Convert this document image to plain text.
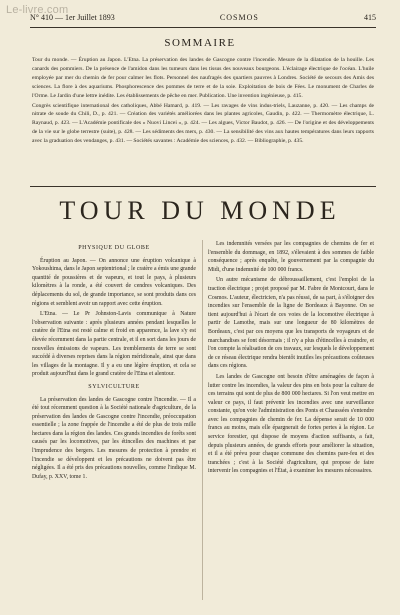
Le-livre.com
N° 410 — 1er Juillet 1893	COSMOS	415
SOMMAIRE

Tour du monde. — Éruption au Japon. L'Etna. La préservation des landes de Gascogne contre l'incendie. Mesure de la dilatation de la houille. Les canards des pommiers. De la présence de l'amidon dans les tumeurs dans les tissus des nouveaux bourgeons. L'éclairage électrique de l'océan. L'huile employée par mer du chemin de fer pour calmer les flots. Personnel des naufragés des quartiers pauvres à Londres. Société de secours des Amis des sciences. La flore à des aquariums. Phosphorescence des pommes de terre et de la soie. Exploitation de bois de Fées. Le monument de Charles de l'Orme. Le Jardin d'une lettre inédite. Les établissements de pêche en mer. Publication. Une invention ingénieuse, p. 415.

Congrès scientifique international des catholiques, Abbé Hamard, p. 419. — Les ravages de vins indus-triels, Lauzanne, p. 420. — Les champs de nitrate de soude du Chili, D., p. 421. — Création des variétés améliorées dans les plantes agricoles, Gaudin, p. 422. — Thermomètre électrique, L. Raynaud, p. 423. — L'Académie pontificale des « Nuovi Lincei », p. 424. — Les algues, Victor Baudot, p. 426. — De l'origine et des développements de la vie sur le globe terrestre (suite), p. 428. — Les sédiments des mers, p. 430. — La sensibilité des vins aux hautes températures dans leurs rapports avec la graduation des vendanges, p. 431. — Sociétés savantes : Académie des sciences, p. 432. — Bibliographie, p. 435.

TOUR DU MONDE
PHYSIQUE DU GLOBE

Éruption au Japon. — On annonce une éruption volcanique à Yokoushima, dans le Japon septentrional ; le cratère a émis une grande quantité de poussières et de vapeurs, et tout le pays, à plusieurs kilomètres à la ronde, a été couvert de cendres volcaniques. Des déplacements du sol, de grande importance, se sont produits dans ces régions et semblent avoir un rapport avec cette éruption.

L'Etna. — Le Pr Johnston-Lavis communique à Nature l'observation suivante : après plusieurs années pendant lesquelles le cratère de l'Etna est resté calme et froid en apparence, la lave s'y est élevée récemment dans la partie centrale, et il en sort dans les jours de nouvelles émissions de vapeurs. Les tremblements de terre se sont succédé à diverses reprises dans la région méridionale, ainsi que dans les villages de la montagne. Il y a eu une légère éruption, et cela se produit aujourd'hui dans le grand cratère de l'Etna et alentour.

SYLVICULTURE

La préservation des landes de Gascogne contre l'incendie. — Il a été tout récemment question à la Société nationale d'agriculture, de la préservation des landes de Gascogne contre l'incendie, préoccupation essentielle ; la zone frappée de l'incendie a été de plus de trois mille hectares dans la région des landes. Ces grands incendies de forêts sont causés par les locomotives, par les étincelles des machines et par l'imprudence des bergers. Les mesures de protection à prendre et l'incendie se développent et les précautions ne doivent pas être négligées. Il a été pris des précautions nouvelles, comme l'indique M. Dufay, p. XXV, tome 1.

Les indemnités versées par les compagnies de chemins de fer et l'ensemble du dommage, en 1892, s'élevaient à des sommes de faible conséquence ; après enquête, le gouvernement par la compagnie du Midi, d'une indemnité de 100 000 francs.

Un autre mécanisme de débroussaillement, c'est l'emploi de la traction électrique ; projet proposé par M. Fabre de Montcourt, dans le Cosmos. L'auteur, électricien, n'a pas réussi, de sa part, à s'éloigner des incendies sur l'ensemble de la ligne de Bordeaux à Bayonne. On se tient aujourd'hui à l'écart de ces voies de la locomotive électrique à partir de Lamothe, mais sur une longueur de 80 kilomètres de Bordeaux, c'est par ces moyens que les transports de voyageurs et de marchandises se font désormais ; il n'y a plus d'étincelles à craindre, et l'on compte la réalisation de ces travaux, sur lesquels le développement de ce réseau électrique rendra bientôt inutiles les précautions coûteuses dans ces régions.

Les landes de Gascogne ont besoin d'être aménagées de façon à lutter contre les incendies, la valeur des pins en bois pour la culture de ces terrains qui sont de plus de 800 000 hectares. Si l'on veut mettre en valeur ce pays, il faut prévenir les incendies avec une surveillance constante, qu'on voie l'administration des Ponts et Chaussées s'entendre avec les compagnies de chemin de fer. La dépense serait de 10 000 francs au moins, mais elle épargnerait de fortes pertes à la région. Le service forestier, qui dispose de moyens d'action suffisants, a fait, depuis plusieurs années, de grands efforts pour améliorer la situation, et il a été prévu pour chaque commune des chemins pare-feu et des tranchées ; c'est à la Société d'agriculture, qui propose de faire intervenir les compagnies et l'État, à examiner les mesures nécessaires.
